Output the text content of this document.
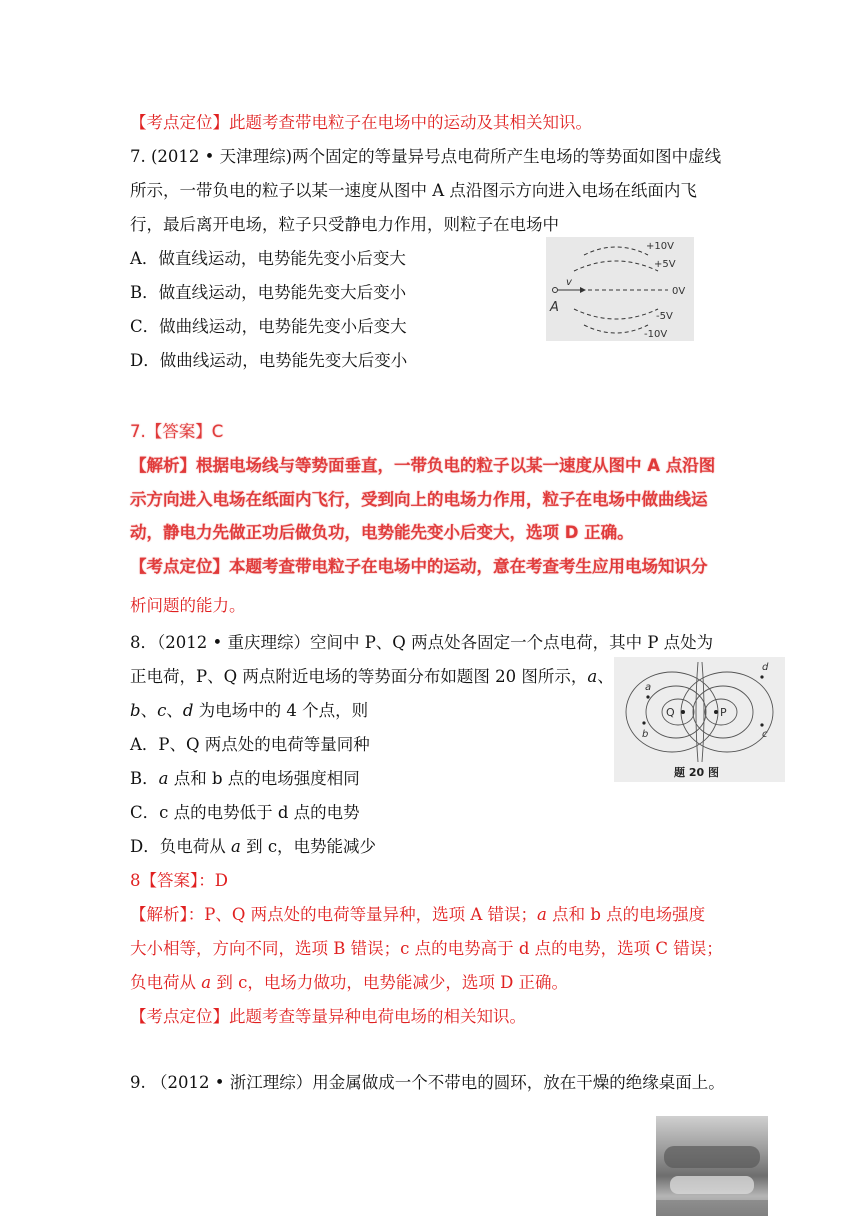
【考点定位】此题考查带电粒子在电场中的运动及其相关知识。
7. (2012 • 天津理综)两个固定的等量异号点电荷所产生电场的等势面如图中虚线
所示，一带负电的粒子以某一速度从图中 A 点沿图示方向进入电场在纸面内飞
行，最后离开电场，粒子只受静电力作用，则粒子在电场中
A．做直线运动，电势能先变小后变大
B．做直线运动，电势能先变大后变小
C．做曲线运动，电势能先变小后变大
D．做曲线运动，电势能先变大后变小
+10V
+5V
0V
-5V
-10V
A
v
7.【答案】C
【解析】根据电场线与等势面垂直，一带负电的粒子以某一速度从图中 A 点沿图
示方向进入电场在纸面内飞行，受到向上的电场力作用，粒子在电场中做曲线运
动，静电力先做正功后做负功，电势能先变小后变大，选项 D 正确。
【考点定位】本题考查带电粒子在电场中的运动，意在考查考生应用电场知识分
析问题的能力。
8．（2012 • 重庆理综）空间中 P、Q 两点处各固定一个点电荷，其中 P 点处为
正电荷，P、Q 两点附近电场的等势面分布如题图 20 图所示，a、
b、c、d 为电场中的 4 个点，则
A．P、Q 两点处的电荷等量同种
B．a 点和 b 点的电场强度相同
C．c 点的电势低于 d 点的电势
D．负电荷从 a 到 c，电势能减少
Q	P
a
b	c
d
题 20 图
8【答案】：D
【解析】：P、Q 两点处的电荷等量异种，选项 A 错误；a 点和 b 点的电场强度
大小相等，方向不同，选项 B 错误；c 点的电势高于 d 点的电势，选项 C 错误；
负电荷从 a 到 c，电场力做功，电势能减少，选项 D 正确。
【考点定位】此题考查等量异种电荷电场的相关知识。
9. （2012 • 浙江理综）用金属做成一个不带电的圆环，放在干燥的绝缘桌面上。
